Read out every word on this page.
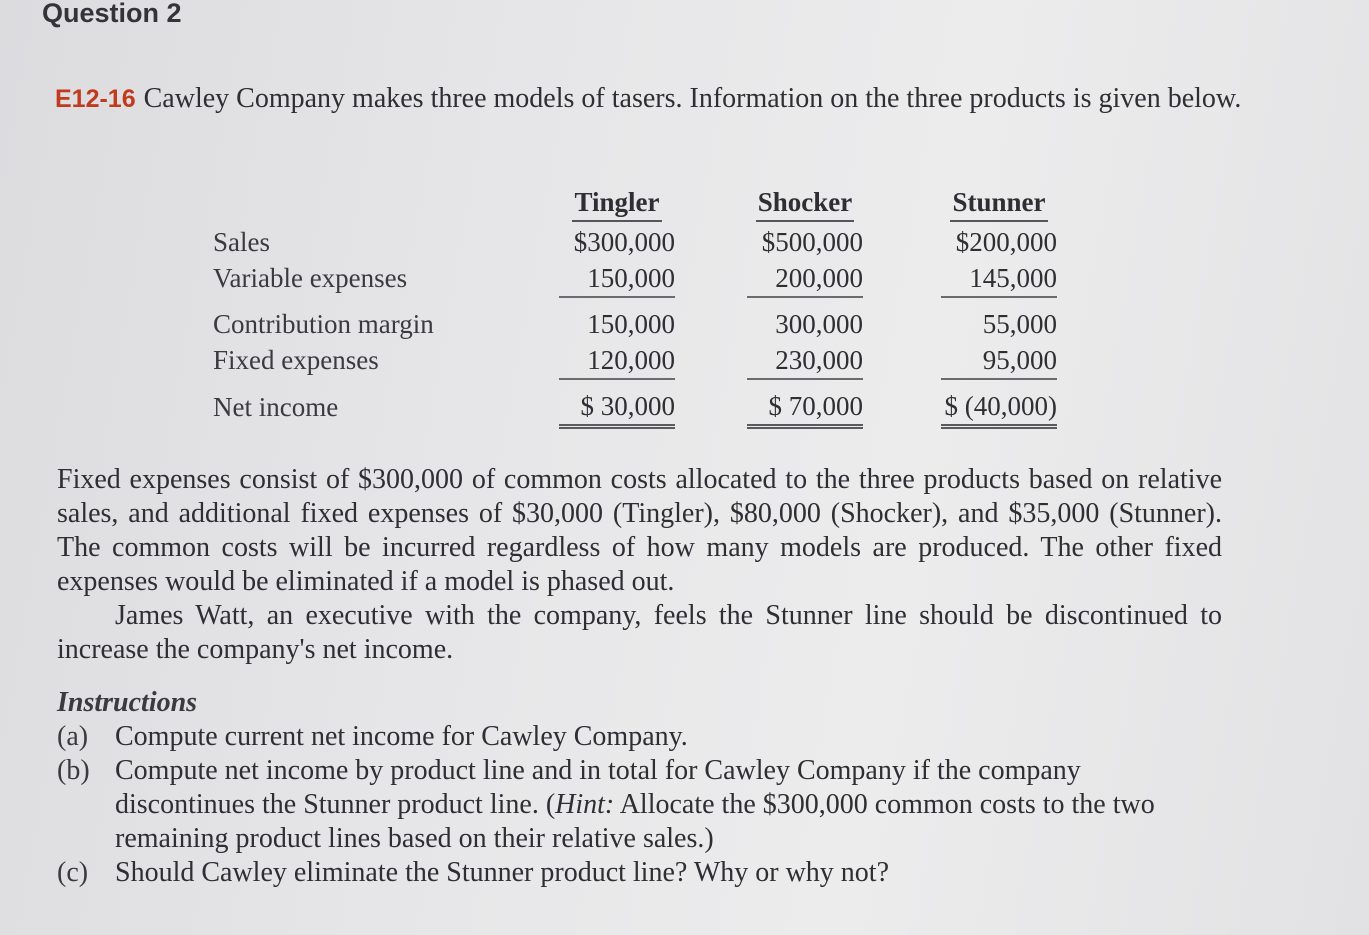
Question 2
E12-16 Cawley Company makes three models of tasers. Information on the three products is given below.
	Tingler		Shocker		Stunner
Sales	$300,000		$500,000		$200,000
Variable expenses	150,000		200,000		145,000

Contribution margin	150,000		300,000		55,000
Fixed expenses	120,000		230,000		95,000

Net income	$ 30,000		$ 70,000		$ (40,000)

Fixed expenses consist of $300,000 of common costs allocated to the three products based on relative sales, and additional fixed expenses of $30,000 (Tingler), $80,000 (Shocker), and $35,000 (Stunner). The common costs will be incurred regardless of how many models are produced. The other fixed expenses would be eliminated if a model is phased out.

James Watt, an executive with the company, feels the Stunner line should be discontinued to increase the company's net income.

Instructions
(a) Compute current net income for Cawley Company.
(b) Compute net income by product line and in total for Cawley Company if the company discontinues the Stunner product line. (Hint: Allocate the $300,000 common costs to the two remaining product lines based on their relative sales.)
(c) Should Cawley eliminate the Stunner product line? Why or why not?
